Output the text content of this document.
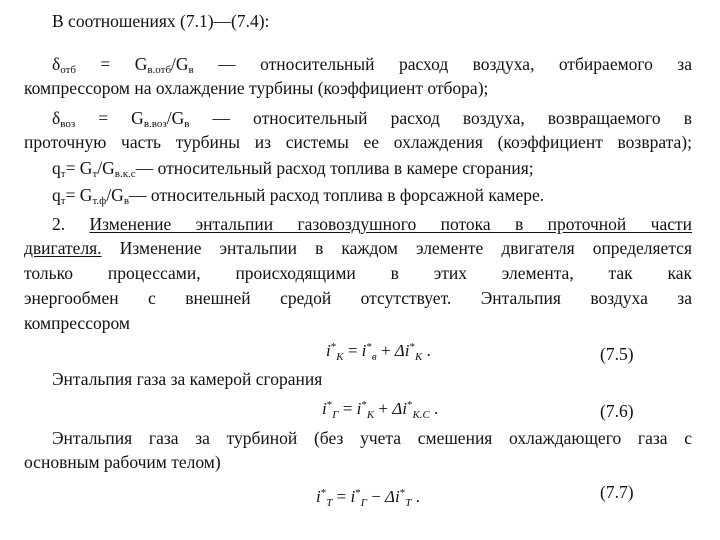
В соотношениях (7.1)—(7.4):
$\delta_{отб} = G_{в.отб}/G_в$ — относительный расход воздуха, отбираемого за
компрессором на охлаждение турбины (коэффициент отбора);
$\delta_{воз} = G_{в.воз}/G_в$ — относительный расход воздуха, возвращаемого в
проточную часть турбины из системы ее охлаждения (коэффициент возврата);
$q_т=$ $G_т/G_{в.к.с}—$ относительный расход топлива в камере сгорания;
$q_т=$ $G_{т.ф}/G_в—$ относительный расход топлива в форсажной камере.
2. Изменение энтальпии газовоздушного потока в проточной части
двигателя. Изменение энтальпии в каждом элементе двигателя определяется
только процессами, происходящими в этих элемента, так как
энергообмен с внешней средой отсутствует. Энтальпия воздуха за
компрессором
$i^*_K = i^*_в + \Delta i^*_K$ .	(7.5)
Энтальпия газа за камерой сгорания
$i^*_Г = i^*_K + \Delta i^*_{K.C}$ .	(7.6)
Энтальпия газа за турбиной (без учета смешения охлаждающего газа с
основным рабочим телом)
$i^*_T = i^*_Г - \Delta i^*_T$ .	(7.7)
